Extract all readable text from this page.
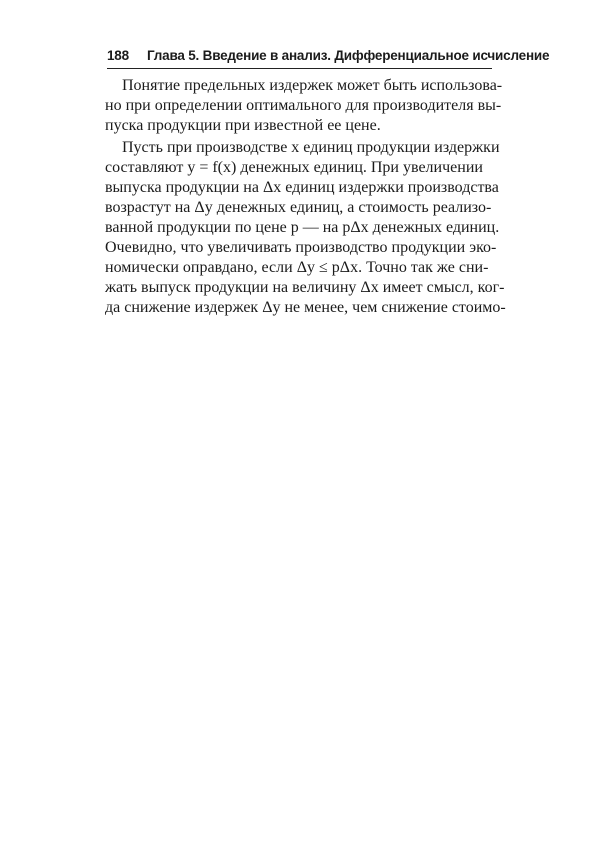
188 Глава 5. Введение в анализ. Дифференциальное исчисление
Понятие предельных издержек может быть использова-
но при определении оптимального для производителя вы-
пуска продукции при известной ее цене.
Пусть при производстве x единиц продукции издержки
составляют y = f(x) денежных единиц. При увеличении
выпуска продукции на Δx единиц издержки производства
возрастут на Δy денежных единиц, а стоимость реализо-
ванной продукции по цене p — на pΔx денежных единиц.
Очевидно, что увеличивать производство продукции эко-
номически оправдано, если Δy ≤ pΔx. Точно так же сни-
жать выпуск продукции на величину Δx имеет смысл, ког-
да снижение издержек Δy не менее, чем снижение стоимо-
